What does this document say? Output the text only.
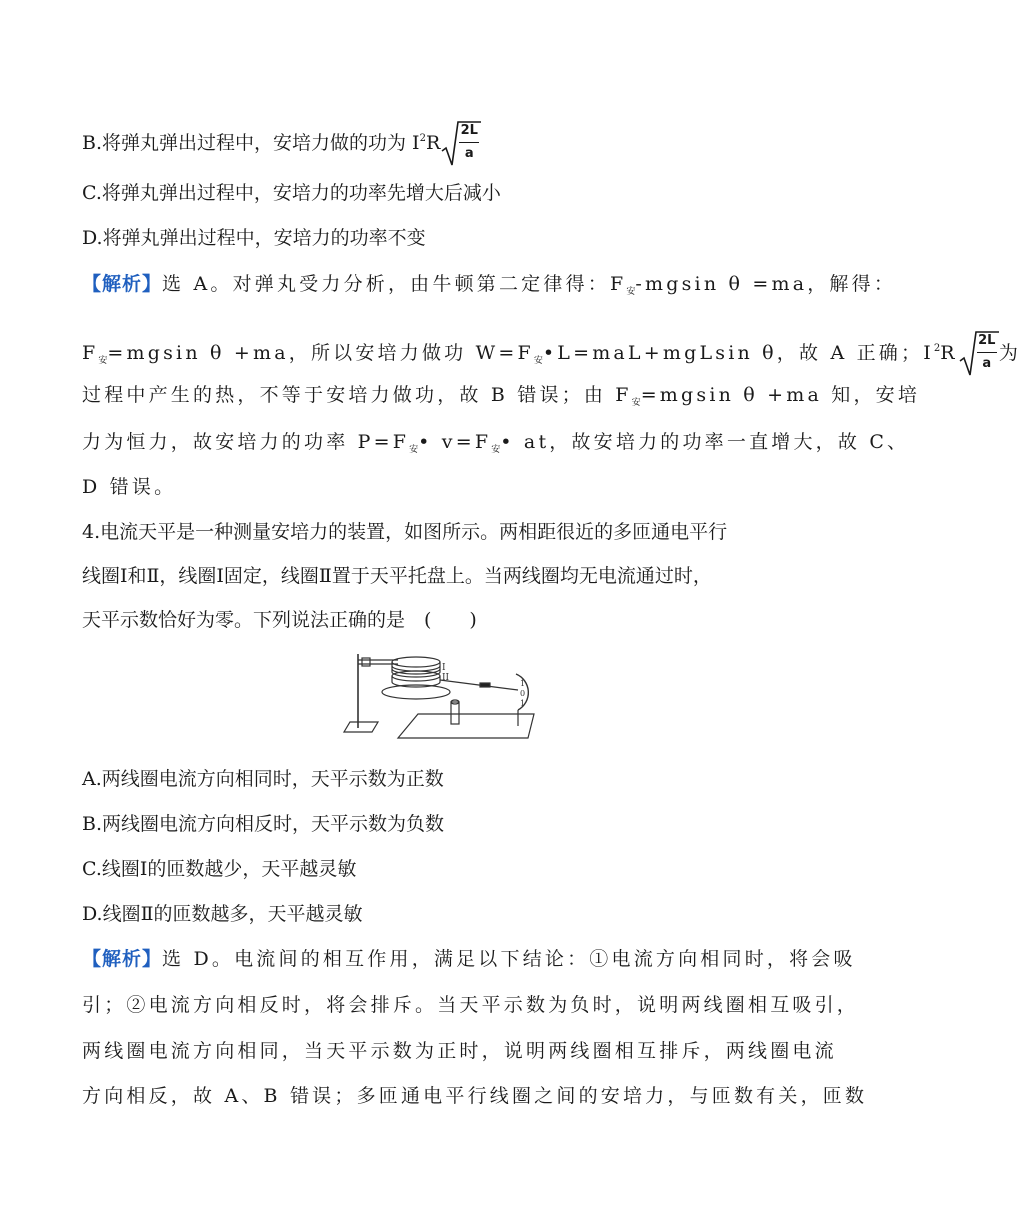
B.将弹丸弹出过程中，安培力做的功为 $I^2R \frac{2L}{a}$
C.将弹丸弹出过程中，安培力的功率先增大后减小
D.将弹丸弹出过程中，安培力的功率不变
【解析】选 A。对弹丸受力分析，由牛顿第二定律得：$F_安$-mgsin θ =ma，解得：
$F_安=mgsin$ θ +ma，所以安培力做功 $W=F_安•L=maL+mgLsin$ θ，故 A 正确；$I^2R \frac{2L}{a}$ 为
过程中产生的热，不等于安培力做功，故 B 错误；由 $F_安=mgsin$ θ +ma 知，安培
力为恒力，故安培力的功率 $P=F_安•$ $v=F_安•$ at，故安培力的功率一直增大，故 C、
D 错误。
4.电流天平是一种测量安培力的装置，如图所示。两相距很近的多匝通电平行
线圈Ⅰ和Ⅱ，线圈Ⅰ固定，线圈Ⅱ置于天平托盘上。当两线圈均无电流通过时，
天平示数恰好为零。下列说法正确的是　(　　)
I
II
1
0
1
A.两线圈电流方向相同时，天平示数为正数
B.两线圈电流方向相反时，天平示数为负数
C.线圈Ⅰ的匝数越少，天平越灵敏
D.线圈Ⅱ的匝数越多，天平越灵敏
【解析】选 D。电流间的相互作用，满足以下结论：①电流方向相同时，将会吸
引；②电流方向相反时，将会排斥。当天平示数为负时，说明两线圈相互吸引，
两线圈电流方向相同，当天平示数为正时，说明两线圈相互排斥，两线圈电流
方向相反，故 A、B 错误；多匝通电平行线圈之间的安培力，与匝数有关，匝数
